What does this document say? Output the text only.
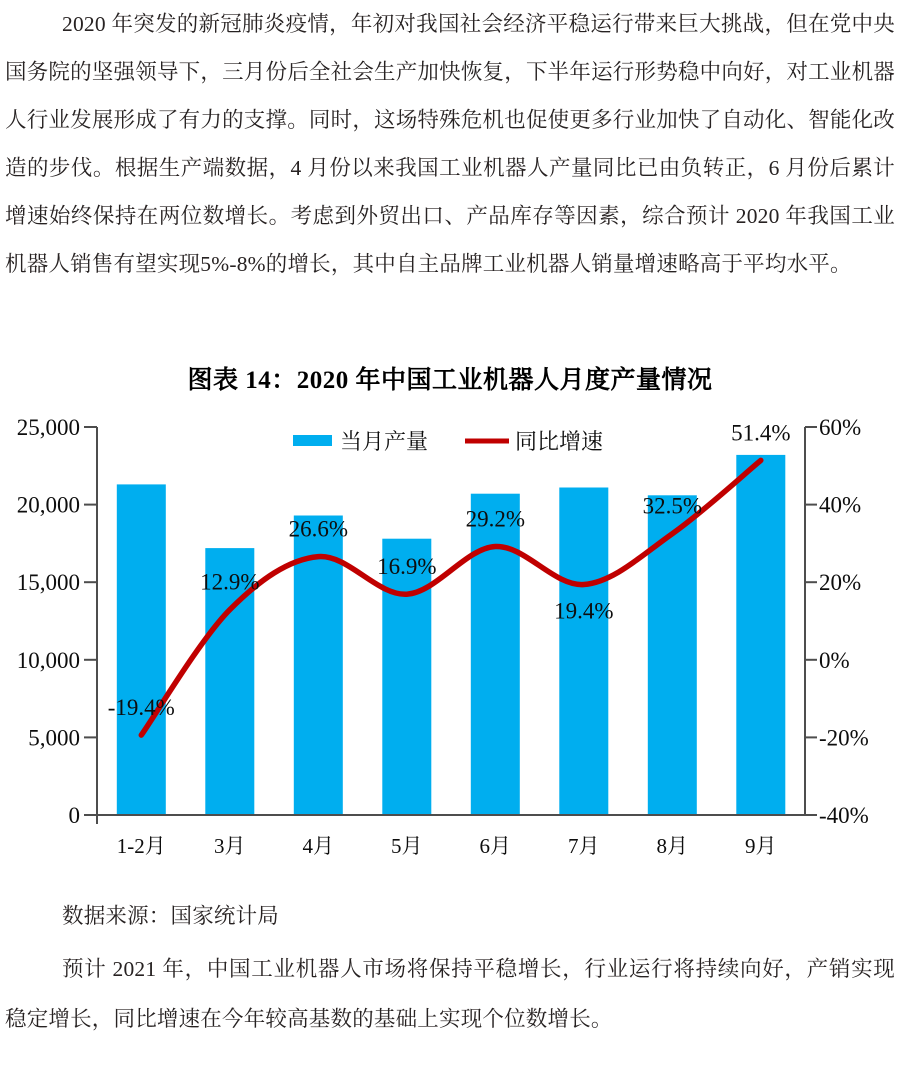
2020 年突发的新冠肺炎疫情，年初对我国社会经济平稳运行带来巨大挑战，但在党中央国务院的坚强领导下，三月份后全社会生产加快恢复，下半年运行形势稳中向好，对工业机器人行业发展形成了有力的支撑。同时，这场特殊危机也促使更多行业加快了自动化、智能化改造的步伐。根据生产端数据，4 月份以来我国工业机器人产量同比已由负转正，6 月份后累计增速始终保持在两位数增长。考虑到外贸出口、产品库存等因素，综合预计 2020 年我国工业机器人销售有望实现5%-8%的增长，其中自主品牌工业机器人销量增速略高于平均水平。

图表 14：2020 年中国工业机器人月度产量情况
0
5,000
10,000
15,000
20,000
25,000
-40%
-20%
0%
20%
40%
60%
1-2月 3月	4月	5月	6月	7月	8月	9月
-19.4%
12.9%
26.6%
16.9%
29.2%
19.4%
32.5%
51.4%
当月产量	同比增速

数据来源：国家统计局

预计 2021 年，中国工业机器人市场将保持平稳增长，行业运行将持续向好，产销实现稳定增长，同比增速在今年较高基数的基础上实现个位数增长。
